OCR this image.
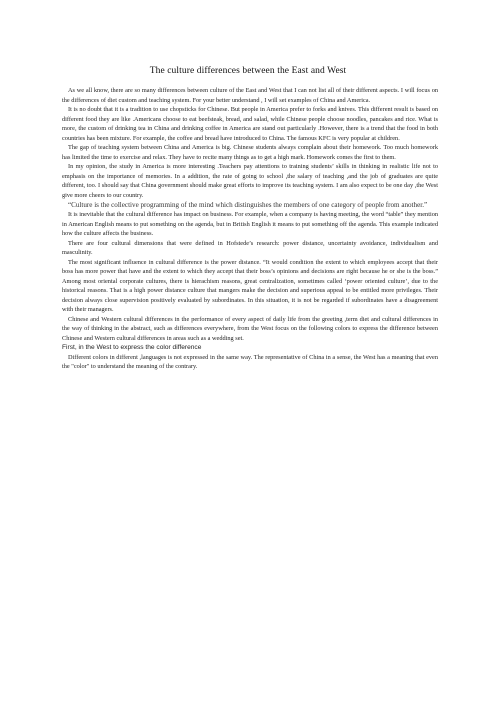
The culture differences between the East and West

As we all know, there are so many differences between culture of the East and West that I can not list all of their different aspects. I will focus on the differences of diet custom and teaching system. For your better understand , I will set examples of China and America.

It is no doubt that it is a tradition to use chopsticks for Chinese. But people in America prefer to forks and knives. This different result is based on different food they are like .Americans choose to eat beefsteak, bread, and salad, while Chinese people choose noodles, pancakes and rice. What is more, the custom of drinking tea in China and drinking coffee in America are stand out particularly .However, there is a trend that the food in both countries has been mixture. For example, the coffee and bread have introduced to China. The famous KFC is very popular at children.

The gap of teaching system between China and America is big. Chinese students always complain about their homework. Too much homework has limited the time to exercise and relax. They have to recite many things as to get a high mark. Homework comes the first to them.

In my opinion, the study in America is more interesting .Teachers pay attentions to training students’ skills in thinking in realistic life not to emphasis on the importance of memories. In a addition, the rate of going to school ,the salary of teaching ,and the job of graduates are quite different, too. I should say that China government should make great efforts to improve its teaching system. I am also expect to be one day ,the West give more cheers to our country.

“Culture is the collective programming of the mind which distinguishes the members of one category of people from another.”

It is inevitable that the cultural difference has impact on business. For example, when a company is having meeting, the word “table” they mention in American English means to put something on the agenda, but in British English it means to put something off the agenda. This example indicated how the culture affects the business.

There are four cultural dimensions that were defined in Hofstede’s research: power distance, uncertainty avoidance, individualism and masculinity.

The most significant influence in cultural difference is the power distance. “It would condition the extent to which employees accept that their boss has more power that have and the extent to which they accept that their boss’s opinions and decisions are right because he or she is the boss.” Among most oriental corporate cultures, there is hierachism reasons, great centralization, sometimes called ‘power oriented culture’, due to the historical reasons. That is a high power distance culture that mangers make the decision and superious appeal to be entitled more privileges. Their decision always close supervision positively evaluated by subordinates. In this situation, it is not be regarded if subordinates have a disagreement with their managers.

Chinese and Western cultural differences in the performance of every aspect of daily life from the greeting ,term diet and cultural differences in the way of thinking in the abstract, such as differences everywhere, from the West focus on the following colors to express the difference between Chinese and Western cultural differences in areas such as a wedding set.

First, in the West to express the color difference

Different colors in different ,languages is not expressed in the same way. The representative of China in a sense, the West has a meaning that even the "color" to understand the meaning of the contrary.
